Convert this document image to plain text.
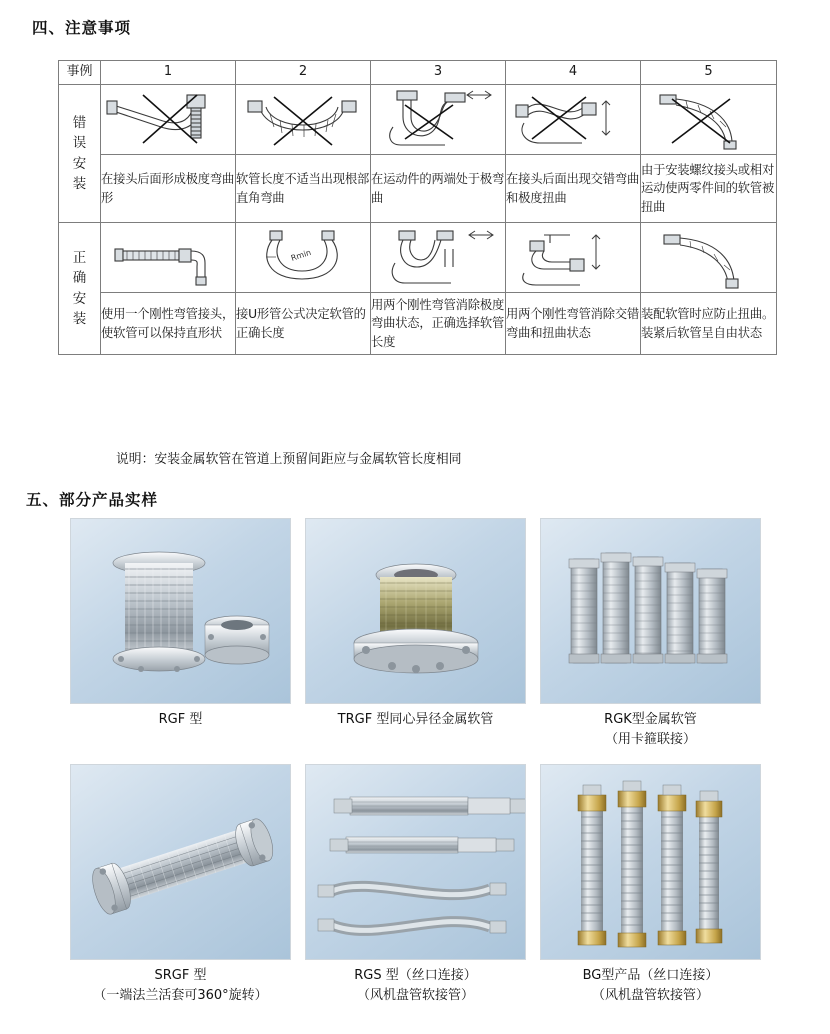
四、注意事项
事例	1	2	3	4	5

错
误
安
装

	在接头后面形成极度弯曲形	软管长度不适当出现根部直角弯曲	在运动件的两端处于极弯曲	在接头后面出现交错弯曲和极度扭曲	由于安装螺纹接头或相对运动使两零件间的软管被扭曲

正
确
安
装		Rmin

	使用一个刚性弯管接头，使软管可以保持直形状	接U形管公式决定软管的正确长度	用两个刚性弯管消除极度弯曲状态，正确选择软管长度	用两个刚性弯管消除交错弯曲和扭曲状态	装配软管时应防止扭曲。装紧后软管呈自由状态
说明：安装金属软管在管道上预留间距应与金属软管长度相同
五、部分产品实样
RGF 型	TRGF 型同心异径金属软管	RGK型金属软管
（用卡箍联接）
SRGF 型
（一端法兰活套可360°旋转）
RGS 型（丝口连接）
（风机盘管软接管）
BG型产品（丝口连接）
（风机盘管软接管）
